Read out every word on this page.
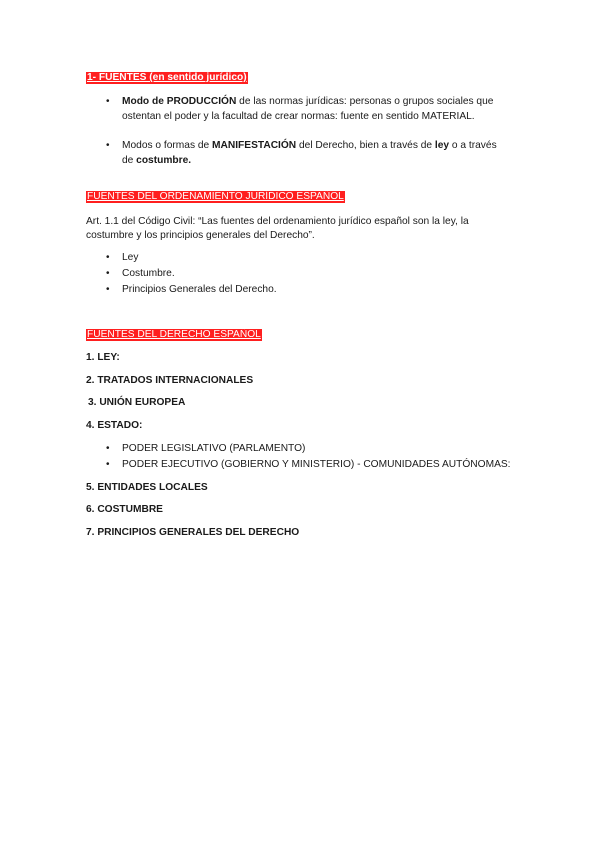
1- FUENTES (en sentido jurídico)
• Modo de PRODUCCIÓN de las normas jurídicas: personas o grupos sociales que
ostentan el poder y la facultad de crear normas: fuente en sentido MATERIAL.
• Modos o formas de MANIFESTACIÓN del Derecho, bien a través de ley o a través
de costumbre.
FUENTES DEL ORDENAMIENTO JURÍDICO ESPAÑOL
Art. 1.1 del Código Civil: “Las fuentes del ordenamiento jurídico español son la ley, la
costumbre y los principios generales del Derecho”.
• Ley
• Costumbre.
• Principios Generales del Derecho.
FUENTES DEL DERECHO ESPAÑOL
1. LEY:
2. TRATADOS INTERNACIONALES
3. UNIÓN EUROPEA
4. ESTADO:
• PODER LEGISLATIVO (PARLAMENTO)
• PODER EJECUTIVO (GOBIERNO Y MINISTERIO) - COMUNIDADES AUTÓNOMAS:
5. ENTIDADES LOCALES
6. COSTUMBRE
7. PRINCIPIOS GENERALES DEL DERECHO
